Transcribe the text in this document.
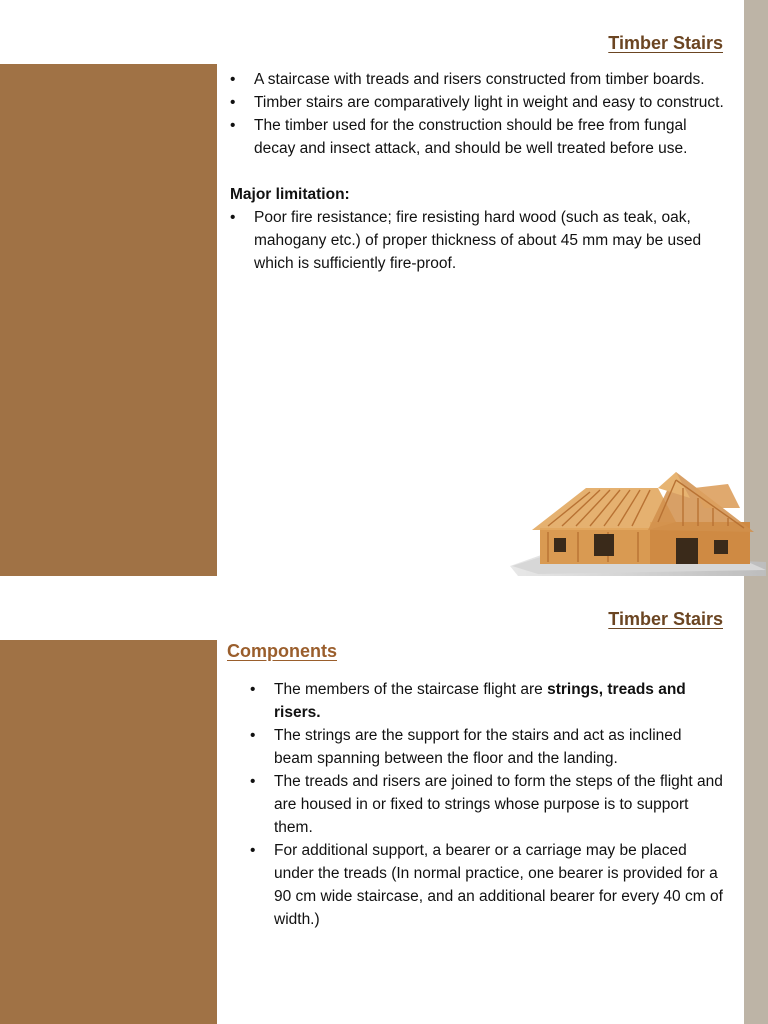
Timber Stairs
• A staircase with treads and risers constructed from timber boards.
• Timber stairs are comparatively light in weight and easy to construct.
• The timber used for the construction should be free from fungal decay and insect attack, and should be well treated before use.
Major limitation:
• Poor fire resistance; fire resisting hard wood (such as teak, oak, mahogany etc.) of proper thickness of about 45 mm may be used which is sufficiently fire-proof.
Timber Stairs
Components
• The members of the staircase flight are strings, treads and risers.
• The strings are the support for the stairs and act as inclined beam spanning between the floor and the landing.
• The treads and risers are joined to form the steps of the flight and are housed in or fixed to strings whose purpose is to support them.
• For additional support, a bearer or a carriage may be placed under the treads (In normal practice, one bearer is provided for a 90 cm wide staircase, and an additional bearer for every 40 cm of width.)
